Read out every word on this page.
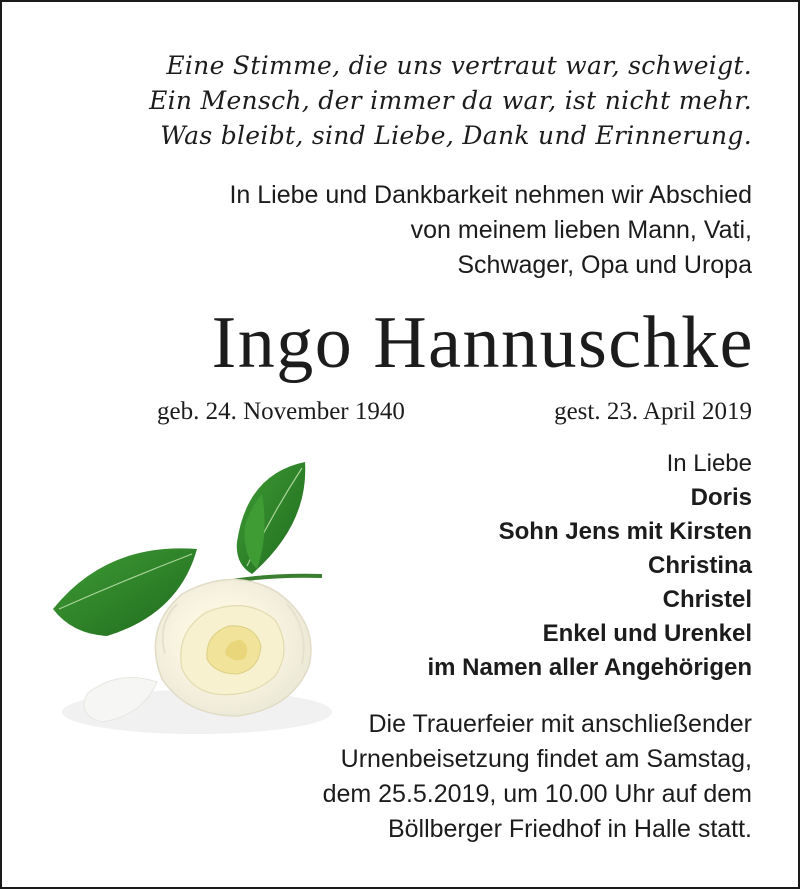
Eine Stimme, die uns vertraut war, schweigt.
Ein Mensch, der immer da war, ist nicht mehr.
Was bleibt, sind Liebe, Dank und Erinnerung.
In Liebe und Dankbarkeit nehmen wir Abschied
von meinem lieben Mann, Vati,
Schwager, Opa und Uropa
Ingo Hannuschke
geb. 24. November 1940	gest. 23. April 2019
In Liebe
Doris
Sohn Jens mit Kirsten
Christina
Christel
Enkel und Urenkel
im Namen aller Angehörigen
Die Trauerfeier mit anschließender
Urnenbeisetzung findet am Samstag,
dem 25.5.2019, um 10.00 Uhr auf dem
Böllberger Friedhof in Halle statt.
